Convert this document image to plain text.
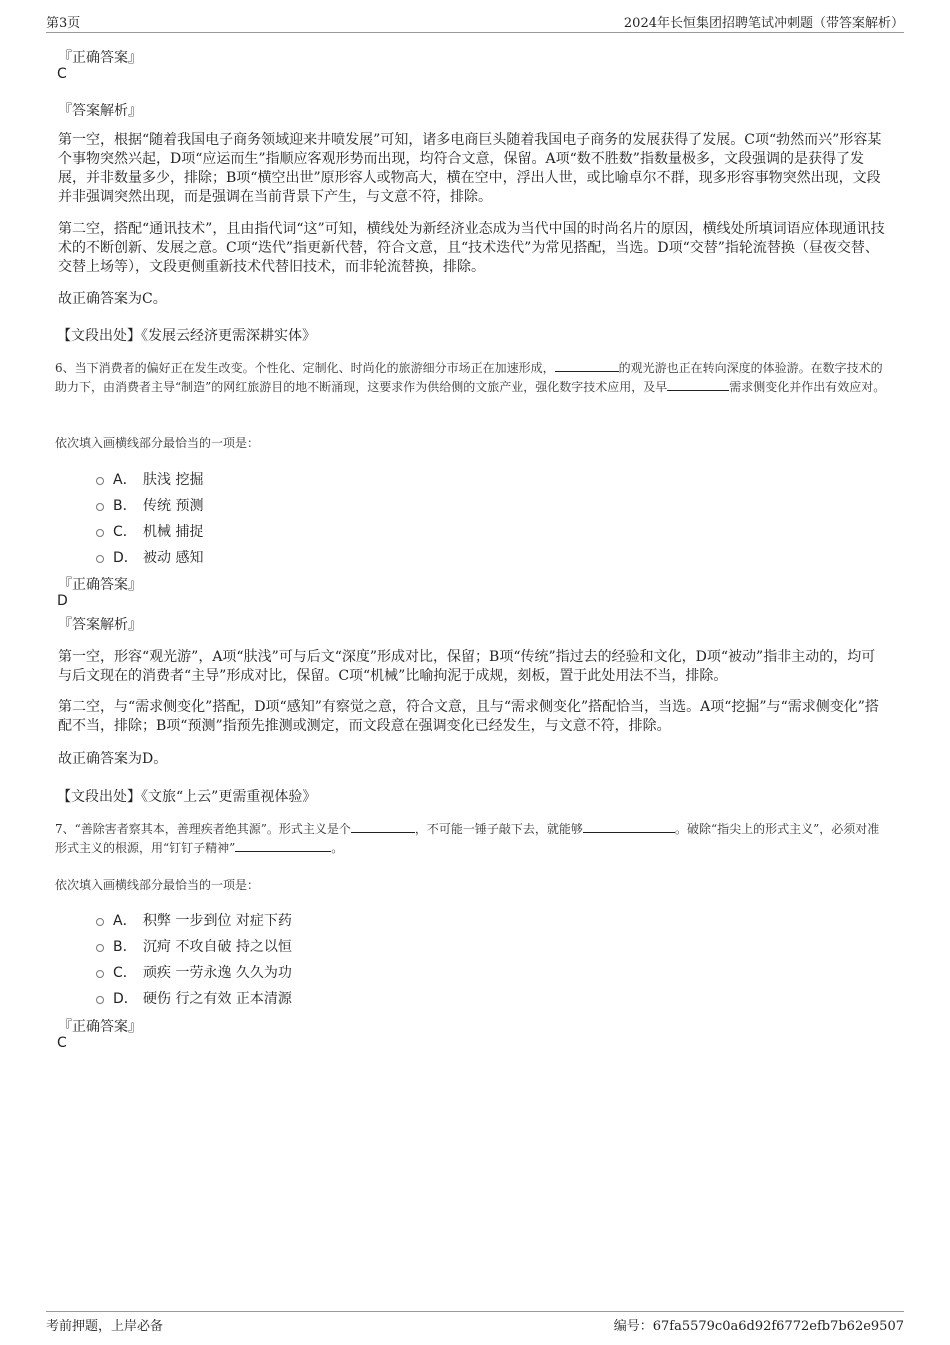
第3页	2024年长恒集团招聘笔试冲刺题（带答案解析）
『正确答案』
C
『答案解析』
第一空，根据“随着我国电子商务领域迎来井喷发展”可知，诸多电商巨头随着我国电子商务的发展获得了发展。C项“勃然而兴”形容某个事物突然兴起，D项“应运而生”指顺应客观形势而出现，均符合文意，保留。A项“数不胜数”指数量极多，文段强调的是获得了发展，并非数量多少，排除；B项“横空出世”原形容人或物高大，横在空中，浮出人世，或比喻卓尔不群，现多形容事物突然出现，文段并非强调突然出现，而是强调在当前背景下产生，与文意不符，排除。
第二空，搭配“通讯技术”，且由指代词“这”可知，横线处为新经济业态成为当代中国的时尚名片的原因，横线处所填词语应体现通讯技术的不断创新、发展之意。C项“迭代”指更新代替，符合文意，且“技术迭代”为常见搭配，当选。D项“交替”指轮流替换（昼夜交替、交替上场等），文段更侧重新技术代替旧技术，而非轮流替换，排除。
故正确答案为C。
【文段出处】《发展云经济更需深耕实体》
6、当下消费者的偏好正在发生改变。个性化、定制化、时尚化的旅游细分市场正在加速形成，	的观光游也正在转向深度的体验游。在数字技术的助力下，由消费者主导“制造”的网红旅游目的地不断涌现，这要求作为供给侧的文旅产业，强化数字技术应用，及早	需求侧变化并作出有效应对。
依次填入画横线部分最恰当的一项是：
A． 肤浅 挖掘
B． 传统 预测
C． 机械 捕捉
D． 被动 感知
『正确答案』
D
『答案解析』
第一空，形容“观光游”，A项“肤浅”可与后文“深度”形成对比，保留；B项“传统”指过去的经验和文化，D项“被动”指非主动的，均可与后文现在的消费者“主导”形成对比，保留。C项“机械”比喻拘泥于成规，刻板，置于此处用法不当，排除。
第二空，与“需求侧变化”搭配，D项“感知”有察觉之意，符合文意，且与“需求侧变化”搭配恰当，当选。A项“挖掘”与“需求侧变化”搭配不当，排除；B项“预测”指预先推测或测定，而文段意在强调变化已经发生，与文意不符，排除。
故正确答案为D。
【文段出处】《文旅“上云”更需重视体验》
7、“善除害者察其本，善理疾者绝其源”。形式主义是个	，不可能一锤子敲下去，就能够	。破除“指尖上的形式主义”，必须对准形式主义的根源，用“钉钉子精神”	。
依次填入画横线部分最恰当的一项是：
A． 积弊 一步到位 对症下药
B． 沉疴 不攻自破 持之以恒
C． 顽疾 一劳永逸 久久为功
D． 硬伤 行之有效 正本清源
『正确答案』
C
考前押题，上岸必备	编号：67fa5579c0a6d92f6772efb7b62e9507
